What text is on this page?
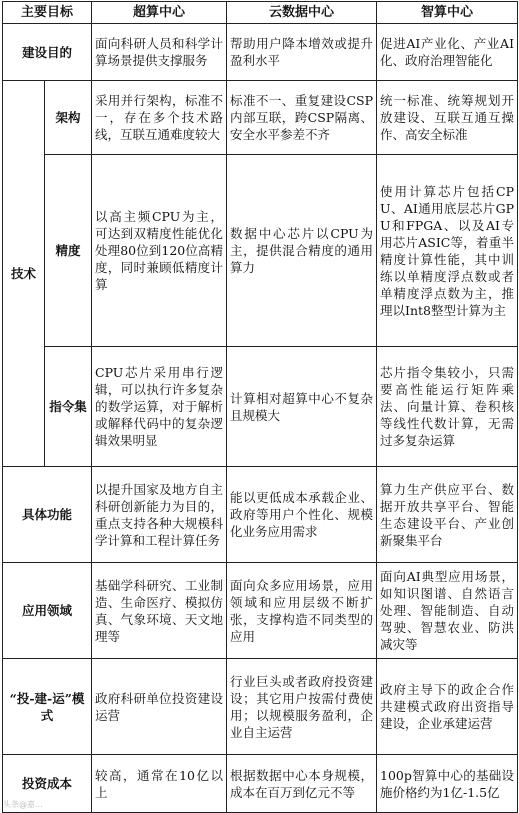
主要目标		超算中心	云数据中心	智算中心
建设目的		面向科研人员和科学计算场景提供支撑服务	帮助用户降本增效或提升盈利水平	促进AI产业化、产业AI化、政府治理智能化
技术	架构	采用并行架构，标准不一，存在多个技术路线，互联互通难度较大	标准不一、重复建设CSP内部互联，跨CSP隔离、安全水平参差不齐	统一标准、统筹规划开放建设、互联互通互操作、高安全标准
	精度	以高主频CPU为主，可达到双精度性能优化处理80位到120位高精度，同时兼顾低精度计算	数据中心芯片以CPU为主，提供混合精度的通用算力	使用计算芯片包括CPU、AI通用底层芯片GPU和FPGA、以及AI专用芯片ASIC等，着重半精度计算性能，其中训练以单精度浮点数或者单精度浮点数为主，推理以Int8整型计算为主
	指令集	CPU芯片采用串行逻辑，可以执行许多复杂的数学运算，对于解析或解释代码中的复杂逻辑效果明显	计算相对超算中心不复杂且规模大	芯片指令集较小，只需要高性能运行矩阵乘法、向量计算、卷积核等线性代数计算，无需过多复杂运算
具体功能		以提升国家及地方自主科研创新能力为目的，重点支持各种大规模科学计算和工程计算任务	能以更低成本承载企业、政府等用户个性化、规模化业务应用需求	算力生产供应平台、数据开放共享平台、智能生态建设平台、产业创新聚集平台
应用领域		基础学科研究、工业制造、生命医疗、模拟仿真、气象环境、天文地理等	面向众多应用场景，应用领域和应用层级不断扩张，支撑构造不同类型的应用	面向AI典型应用场景，如知识图谱、自然语言处理、智能制造、自动驾驶、智慧农业、防洪减灾等
“投-建-运”模式		政府科研单位投资建设运营	行业巨头或者政府投资建设；其它用户按需付费使用；以规模服务盈利，企业自主运营	政府主导下的政企合作共建模式政府出资指导建设，企业承建运营
投资成本		较高，通常在10亿以上	根据数据中心本身规模，成本在百万到亿元不等	100p智算中心的基础设施价格约为1亿-1.5亿
头条@嘉...
